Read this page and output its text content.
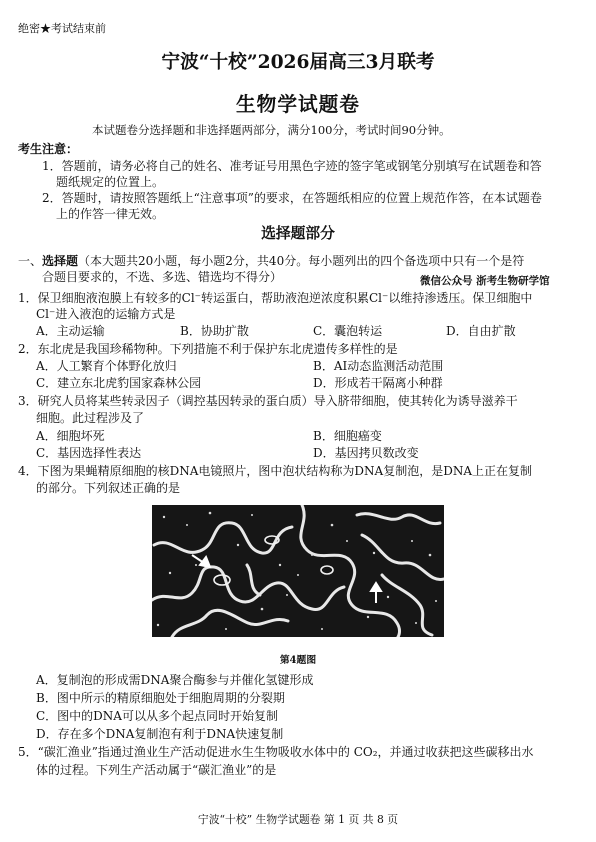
绝密★考试结束前
宁波“十校”2026届高三3月联考
生物学试题卷
本试题卷分选择题和非选择题两部分，满分100分，考试时间90分钟。
考生注意：
1．答题前，请务必将自己的姓名、准考证号用黑色字迹的签字笔或钢笔分别填写在试题卷和答
题纸规定的位置上。
2．答题时，请按照答题纸上“注意事项”的要求，在答题纸相应的位置上规范作答，在本试题卷
上的作答一律无效。
选择题部分
一、选择题（本大题共20小题，每小题2分，共40分。每小题列出的四个备选项中只有一个是符
合题目要求的，不选、多选、错选均不得分）	微信公众号 浙考生物研学馆
1．保卫细胞液泡膜上有较多的Cl⁻转运蛋白，帮助液泡逆浓度积累Cl⁻以维持渗透压。保卫细胞中
Cl⁻进入液泡的运输方式是
A．主动运输	B．协助扩散	C．囊泡转运	D．自由扩散
2．东北虎是我国珍稀物种。下列措施不利于保护东北虎遗传多样性的是
A．人工繁育个体野化放归	B．AI动态监测活动范围
C．建立东北虎豹国家森林公园	D．形成若干隔离小种群
3．研究人员将某些转录因子（调控基因转录的蛋白质）导入脐带细胞，使其转化为诱导滋养干
细胞。此过程涉及了
A．细胞坏死	B．细胞癌变
C．基因选择性表达	D．基因拷贝数改变
4．下图为果蝇精原细胞的核DNA电镜照片，图中泡状结构称为DNA复制泡，是DNA上正在复制
的部分。下列叙述正确的是
第4题图
A．复制泡的形成需DNA聚合酶参与并催化氢键形成
B．图中所示的精原细胞处于细胞周期的分裂期
C．图中的DNA可以从多个起点同时开始复制
D．存在多个DNA复制泡有利于DNA快速复制
5．“碳汇渔业”指通过渔业生产活动促进水生生物吸收水体中的 CO₂，并通过收获把这些碳移出水
体的过程。下列生产活动属于“碳汇渔业”的是
宁波“十校” 生物学试题卷 第 1 页 共 8 页
